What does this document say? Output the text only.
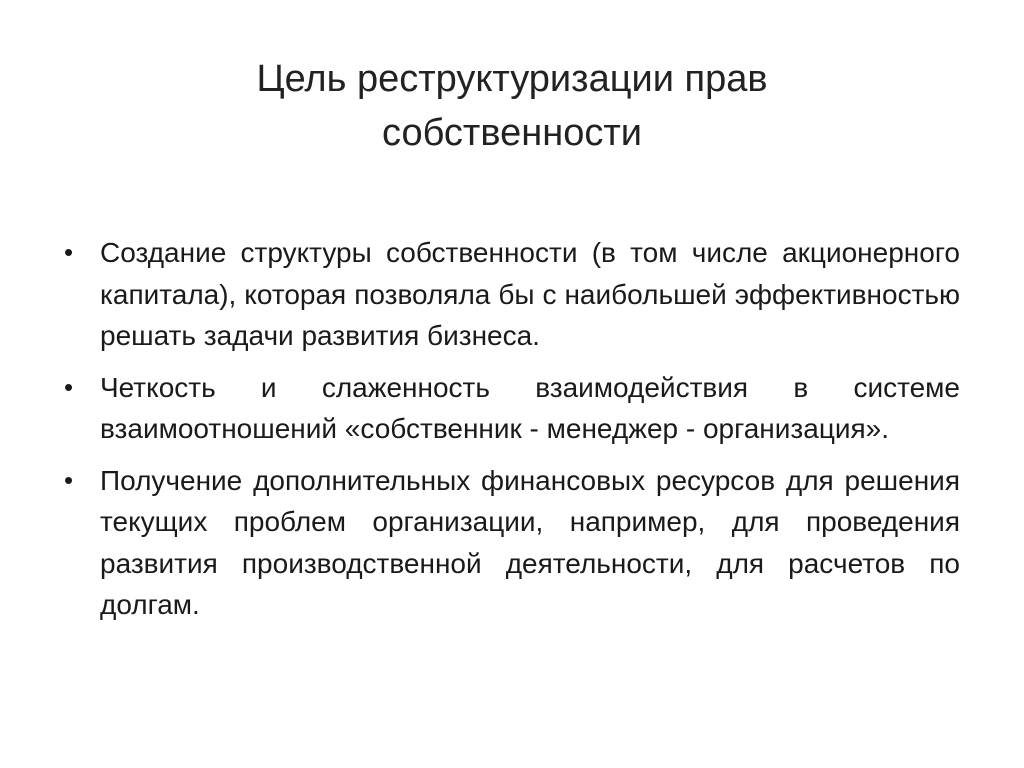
Цель реструктуризации прав собственности
• Создание структуры собственности (в том числе акционерного капитала), которая позволяла бы с наибольшей эффективностью решать задачи развития бизнеса.
• Четкость и слаженность взаимодействия в системе взаимоотношений «собственник - менеджер - организация».
• Получение дополнительных финансовых ресурсов для решения текущих проблем организации, например, для проведения развития производственной деятельности, для расчетов по долгам.
